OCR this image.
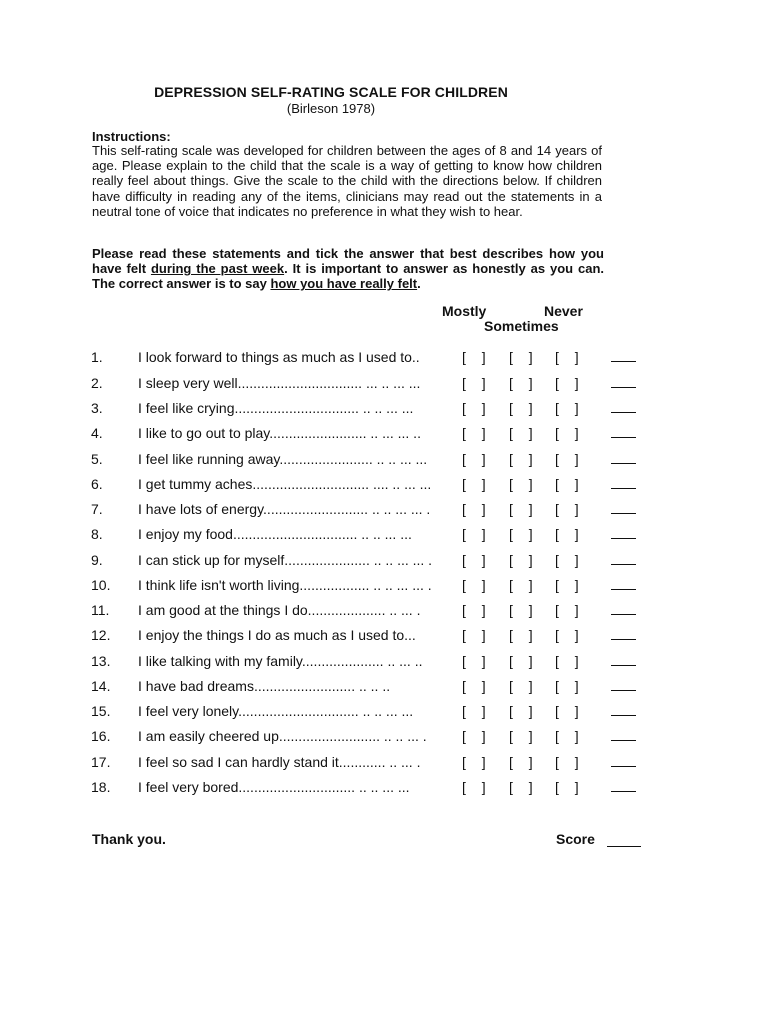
DEPRESSION SELF-RATING SCALE FOR CHILDREN
(Birleson 1978)
Instructions:
This self-rating scale was developed for children between the ages of 8 and 14 years of age. Please explain to the child that the scale is a way of getting to know how children really feel about things. Give the scale to the child with the directions below. If children have difficulty in reading any of the items, clinicians may read out the statements in a neutral tone of voice that indicates no preference in what they wish to hear.
Please read these statements and tick the answer that best describes how you have felt during the past week. It is important to answer as honestly as you can. The correct answer is to say how you have really felt.
Mostly	Never
Sometimes
1.	I look forward to things as much as I used to..	[ ] [ ] [ ]
2.	I sleep very well................................ ... .. ... ...	[ ] [ ] [ ]
3.	I feel like crying................................ .. .. ... ...	[ ] [ ] [ ]
4.	I like to go out to play......................... .. ... ... ..	[ ] [ ] [ ]
5.	I feel like running away........................ .. .. ... ...	[ ] [ ] [ ]
6.	I get tummy aches.............................. .... .. ... ...	[ ] [ ] [ ]
7.	I have lots of energy........................... .. .. ... ... .	[ ] [ ] [ ]
8.	I enjoy my food................................ .. .. ... ...	[ ] [ ] [ ]
9.	I can stick up for myself...................... .. .. ... ... .	[ ] [ ] [ ]
10. I think life isn't worth living.................. .. .. ... ... .	[ ] [ ] [ ]
11. I am good at the things I do.................... .. ... .	[ ] [ ] [ ]
12. I enjoy the things I do as much as I used to...	[ ] [ ] [ ]
13. I like talking with my family..................... .. ... ..	[ ] [ ] [ ]
14. I have bad dreams.......................... .. .. ..	[ ] [ ] [ ]
15. I feel very lonely............................... .. .. ... ...	[ ] [ ] [ ]
16. I am easily cheered up.......................... .. .. ... .	[ ] [ ] [ ]
17. I feel so sad I can hardly stand it............ .. ... .	[ ] [ ] [ ]
18. I feel very bored.............................. .. .. ... ...	[ ] [ ] [ ]
Thank you.	Score
